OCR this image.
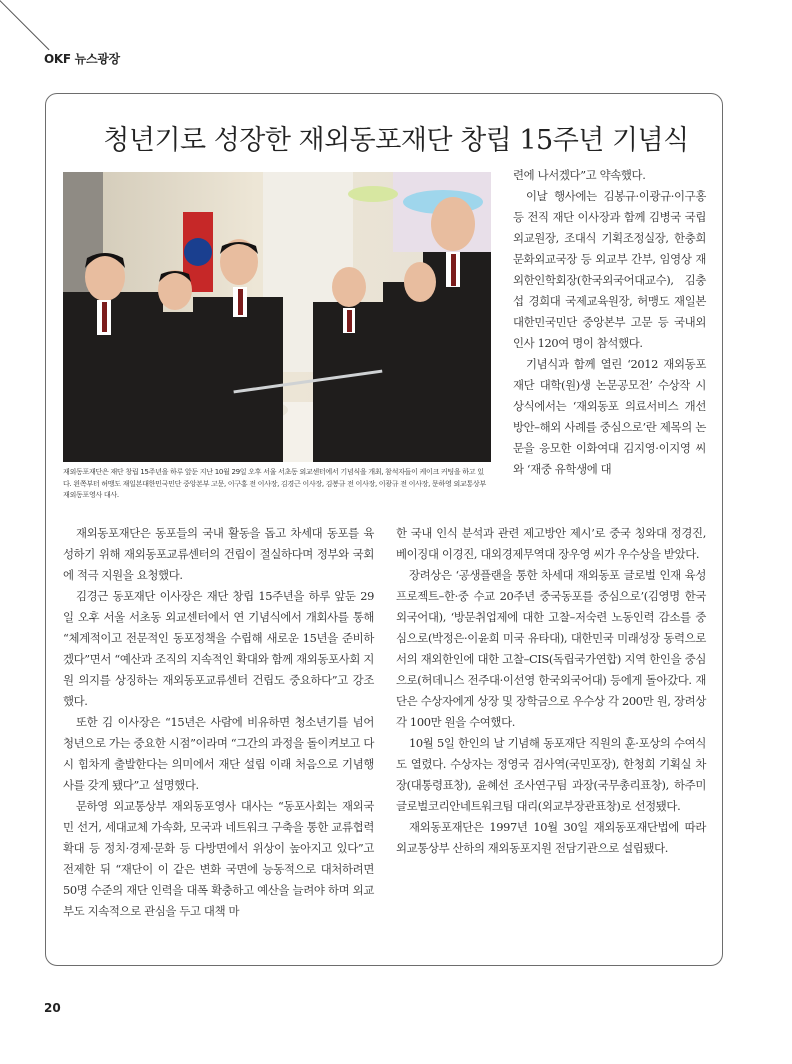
OKF 뉴스광장
청년기로 성장한 재외동포재단 창립 15주년 기념식

재외동포재단은 재단 창립 15주년을 하루 앞둔 지난 10월 29일 오후 서울 서초동 외교센터에서 기념식을 개최, 참석자들이 케이크 커팅을 하고 있다. 왼쪽부터 허맹도 재일본대한민국민단 중앙본부 고문, 이구홍 전 이사장, 김경근 이사장, 김봉규 전 이사장, 이광규 전 이사장, 문하영 외교통상부 재외동포영사 대사.

련에 나서겠다”고 약속했다.

이날 행사에는 김봉규·이광규·이구홍 등 전직 재단 이사장과 함께 김병국 국립외교원장, 조대식 기획조정실장, 한충희 문화외교국장 등 외교부 간부, 임영상 재외한인학회장(한국외국어대교수), 김충섭 경희대 국제교육원장, 허맹도 재일본대한민국민단 중앙본부 고문 등 국내외 인사 120여 명이 참석했다.

기념식과 함께 열린 ‘2012 재외동포재단 대학(원)생 논문공모전’ 수상작 시상식에서는 ‘재외동포 의료서비스 개선방안–해외 사례를 중심으로’란 제목의 논문을 응모한 이화여대 김지영·이지영 씨와 ‘재중 유학생에 대

재외동포재단은 동포들의 국내 활동을 돕고 차세대 동포를 육성하기 위해 재외동포교류센터의 건립이 절실하다며 정부와 국회에 적극 지원을 요청했다.

김경근 동포재단 이사장은 재단 창립 15주년을 하루 앞둔 29일 오후 서울 서초동 외교센터에서 연 기념식에서 개회사를 통해 “체계적이고 전문적인 동포정책을 수립해 새로운 15년을 준비하겠다”면서 “예산과 조직의 지속적인 확대와 함께 재외동포사회 지원 의지를 상징하는 재외동포교류센터 건립도 중요하다”고 강조했다.

또한 김 이사장은 “15년은 사람에 비유하면 청소년기를 넘어 청년으로 가는 중요한 시점”이라며 “그간의 과정을 돌이켜보고 다시 힘차게 출발한다는 의미에서 재단 설립 이래 처음으로 기념행사를 갖게 됐다”고 설명했다.

문하영 외교통상부 재외동포영사 대사는 “동포사회는 재외국민 선거, 세대교체 가속화, 모국과 네트워크 구축을 통한 교류협력 확대 등 정치·경제·문화 등 다방면에서 위상이 높아지고 있다”고 전제한 뒤 “재단이 이 같은 변화 국면에 능동적으로 대처하려면 50명 수준의 재단 인력을 대폭 확충하고 예산을 늘려야 하며 외교부도 지속적으로 관심을 두고 대책 마

한 국내 인식 분석과 관련 제고방안 제시’로 중국 칭와대 정경진, 베이징대 이경진, 대외경제무역대 장우영 씨가 우수상을 받았다.

장려상은 ‘공생플랜을 통한 차세대 재외동포 글로벌 인재 육성 프로젝트–한·중 수교 20주년 중국동포를 중심으로’(김영명 한국외국어대), ‘방문취업제에 대한 고찰–저숙련 노동인력 감소를 중심으로(박정은·이윤희 미국 유타대), 대한민국 미래성장 동력으로서의 재외한인에 대한 고찰–CIS(독립국가연합) 지역 한인을 중심으로(허데니스 전주대·이선영 한국외국어대) 등에게 돌아갔다. 재단은 수상자에게 상장 및 장학금으로 우수상 각 200만 원, 장려상 각 100만 원을 수여했다.

10월 5일 한인의 날 기념해 동포재단 직원의 훈·포상의 수여식도 열렸다. 수상자는 정영국 검사역(국민포장), 한청희 기획실 차장(대통령표창), 윤혜선 조사연구팀 과장(국무총리표창), 하주미 글로벌코리안네트워크팀 대리(외교부장관표창)로 선정됐다.

재외동포재단은 1997년 10월 30일 재외동포재단법에 따라 외교통상부 산하의 재외동포지원 전담기관으로 설립됐다.

20
